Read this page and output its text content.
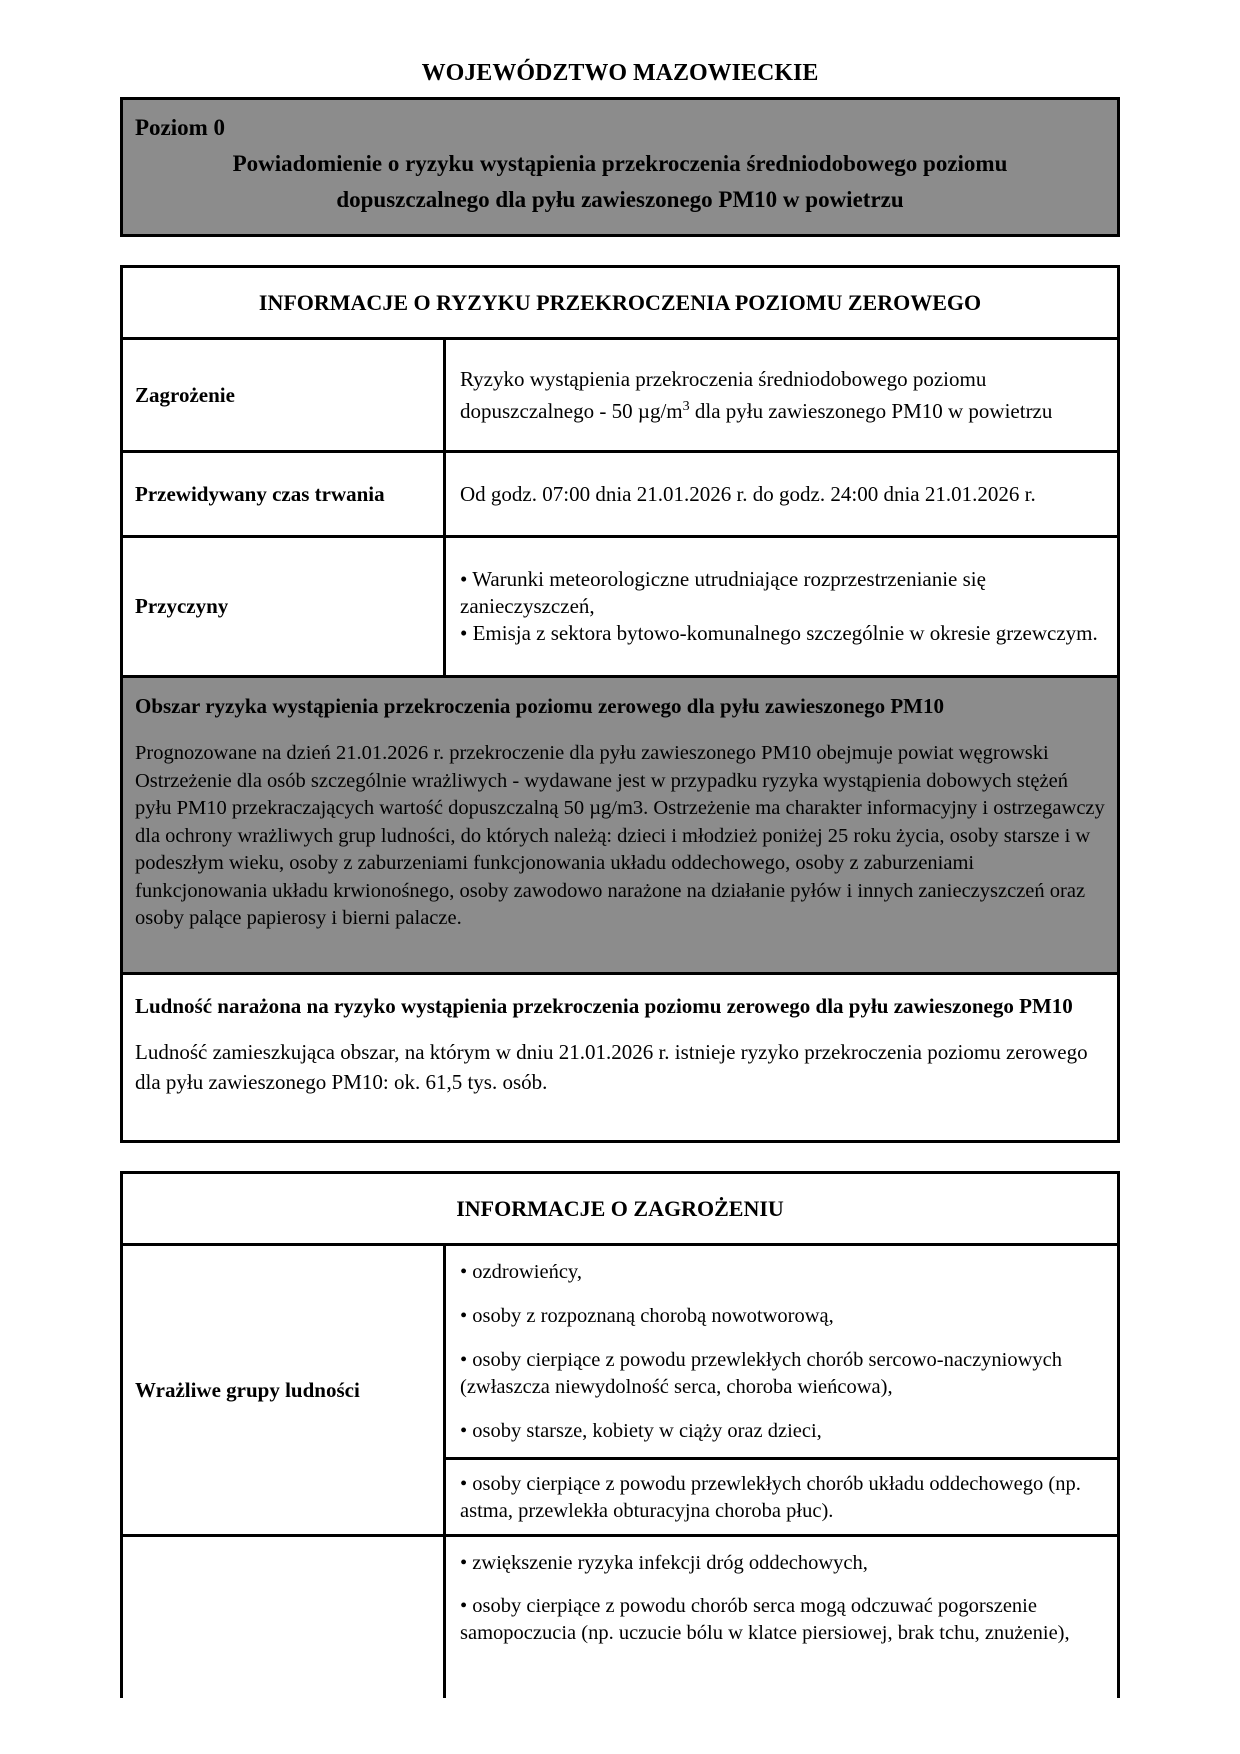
WOJEWÓDZTWO MAZOWIECKIE
Poziom 0
Powiadomienie o ryzyku wystąpienia przekroczenia średniodobowego poziomu
dopuszczalnego dla pyłu zawieszonego PM10 w powietrzu
INFORMACJE O RYZYKU PRZEKROCZENIA POZIOMU ZEROWEGO
Zagrożenie
Ryzyko wystąpienia przekroczenia średniodobowego poziomu dopuszczalnego - 50 $\mu g/m^3$ dla pyłu zawieszonego PM10 w powietrzu
Przewidywany czas trwania	Od godz. 07:00 dnia 21.01.2026 r. do godz. 24:00 dnia 21.01.2026 r.
Przyczyny

• Warunki meteorologiczne utrudniające rozprzestrzenianie się zanieczyszczeń,

• Emisja z sektora bytowo-komunalnego szczególnie w okresie grzewczym.

Obszar ryzyka wystąpienia przekroczenia poziomu zerowego dla pyłu zawieszonego PM10

Prognozowane na dzień 21.01.2026 r. przekroczenie dla pyłu zawieszonego PM10 obejmuje powiat węgrowski Ostrzeżenie dla osób szczególnie wrażliwych - wydawane jest w przypadku ryzyka wystąpienia dobowych stężeń pyłu PM10 przekraczających wartość dopuszczalną 50 µg/m3. Ostrzeżenie ma charakter informacyjny i ostrzegawczy dla ochrony wrażliwych grup ludności, do których należą: dzieci i młodzież poniżej 25 roku życia, osoby starsze i w podeszłym wieku, osoby z zaburzeniami funkcjonowania układu oddechowego, osoby z zaburzeniami funkcjonowania układu krwionośnego, osoby zawodowo narażone na działanie pyłów i innych zanieczyszczeń oraz osoby palące papierosy i bierni palacze.

Ludność narażona na ryzyko wystąpienia przekroczenia poziomu zerowego dla pyłu zawieszonego PM10

Ludność zamieszkująca obszar, na którym w dniu 21.01.2026 r. istnieje ryzyko przekroczenia poziomu zerowego dla pyłu zawieszonego PM10: ok. 61,5 tys. osób.

INFORMACJE O ZAGROŻENIU
Wrażliwe grupy ludności

• ozdrowieńcy,

• osoby z rozpoznaną chorobą nowotworową,

• osoby cierpiące z powodu przewlekłych chorób sercowo-naczyniowych (zwłaszcza niewydolność serca, choroba wieńcowa),

• osoby starsze, kobiety w ciąży oraz dzieci,

• osoby cierpiące z powodu przewlekłych chorób układu oddechowego (np. astma, przewlekła obturacyjna choroba płuc).

• zwiększenie ryzyka infekcji dróg oddechowych,

• osoby cierpiące z powodu chorób serca mogą odczuwać pogorszenie samopoczucia (np. uczucie bólu w klatce piersiowej, brak tchu, znużenie),
